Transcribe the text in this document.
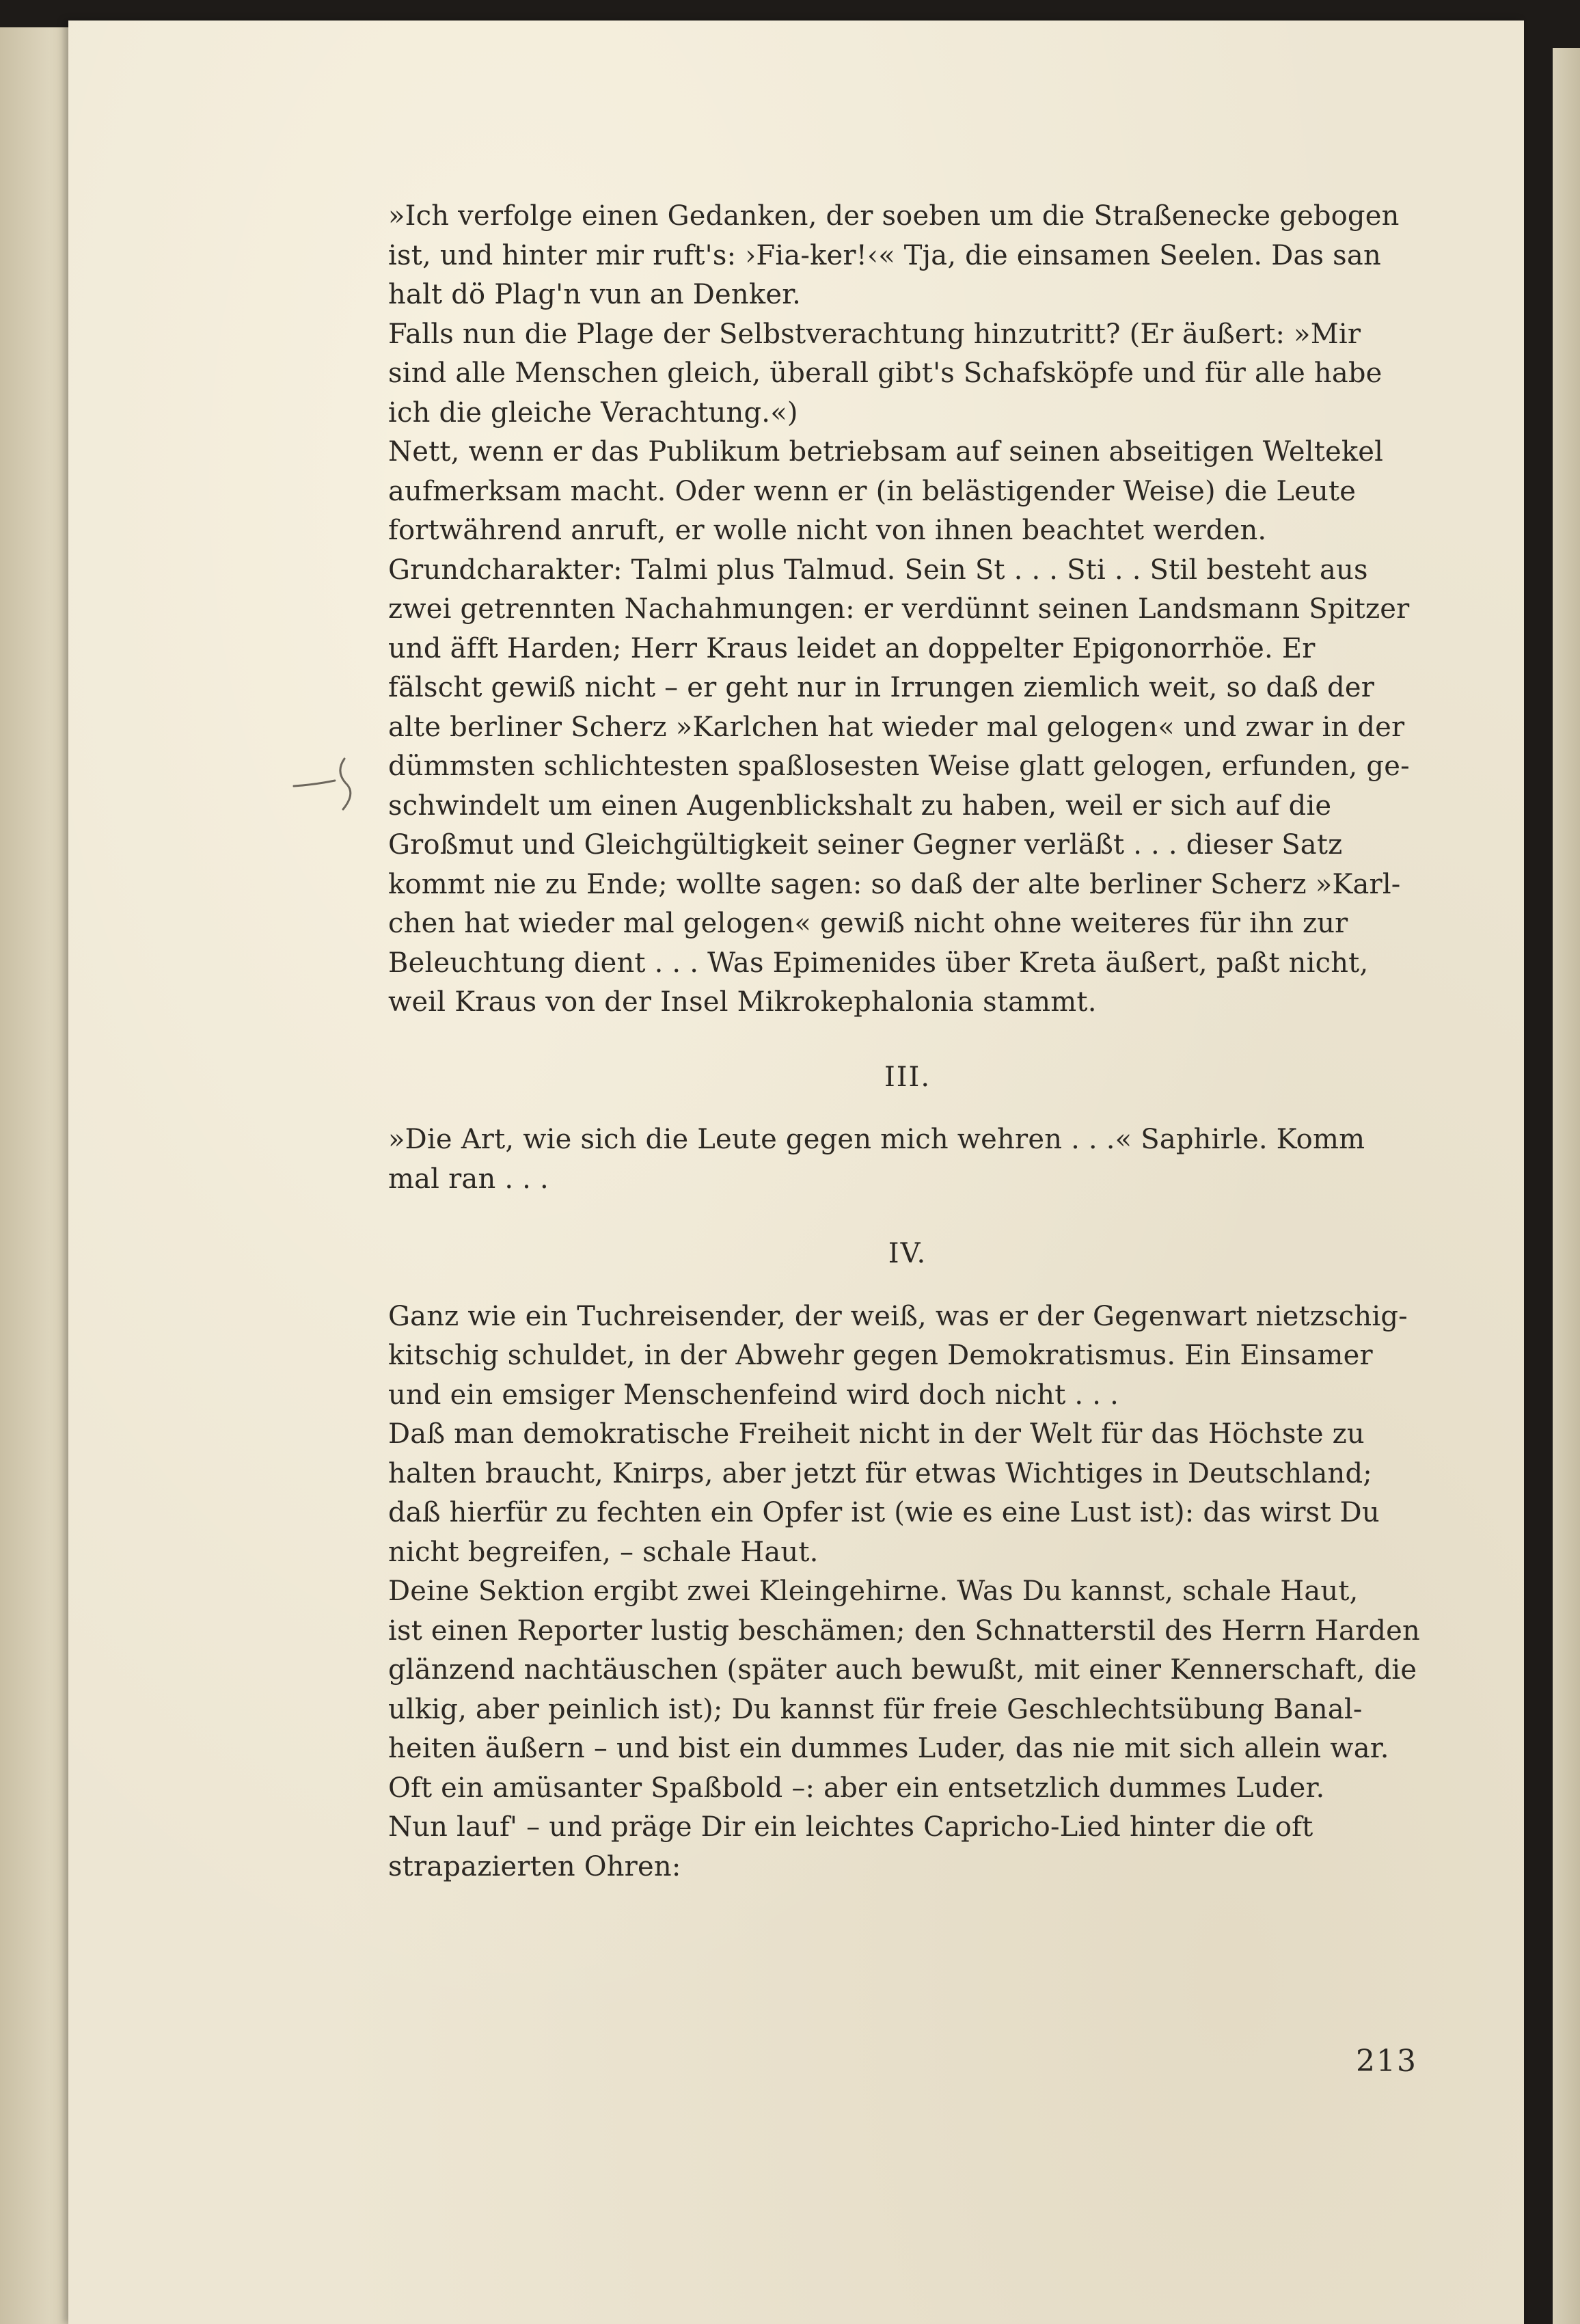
»Ich verfolge einen Gedanken, der soeben um die Straßenecke gebogen
ist, und hinter mir ruft's: ›Fia-ker!‹« Tja, die einsamen Seelen. Das san
halt dö Plag'n vun an Denker.

Falls nun die Plage der Selbstverachtung hinzutritt? (Er äußert: »Mir
sind alle Menschen gleich, überall gibt's Schafsköpfe und für alle habe
ich die gleiche Verachtung.«)

Nett, wenn er das Publikum betriebsam auf seinen abseitigen Weltekel
aufmerksam macht. Oder wenn er (in belästigender Weise) die Leute
fortwährend anruft, er wolle nicht von ihnen beachtet werden.

Grundcharakter: Talmi plus Talmud. Sein St . . . Sti . . Stil besteht aus
zwei getrennten Nachahmungen: er verdünnt seinen Landsmann Spitzer
und äfft Harden; Herr Kraus leidet an doppelter Epigonorrhöe. Er
fälscht gewiß nicht – er geht nur in Irrungen ziemlich weit, so daß der
alte berliner Scherz »Karlchen hat wieder mal gelogen« und zwar in der
dümmsten schlichtesten spaßlosesten Weise glatt gelogen, erfunden, ge-
schwindelt um einen Augenblickshalt zu haben, weil er sich auf die
Großmut und Gleichgültigkeit seiner Gegner verläßt . . . dieser Satz
kommt nie zu Ende; wollte sagen: so daß der alte berliner Scherz »Karl-
chen hat wieder mal gelogen« gewiß nicht ohne weiteres für ihn zur
Beleuchtung dient . . . Was Epimenides über Kreta äußert, paßt nicht,
weil Kraus von der Insel Mikrokephalonia stammt.

III.

»Die Art, wie sich die Leute gegen mich wehren . . .« Saphirle. Komm
mal ran . . .

IV.

Ganz wie ein Tuchreisender, der weiß, was er der Gegenwart nietzschig-
kitschig schuldet, in der Abwehr gegen Demokratismus. Ein Einsamer
und ein emsiger Menschenfeind wird doch nicht . . .

Daß man demokratische Freiheit nicht in der Welt für das Höchste zu
halten braucht, Knirps, aber jetzt für etwas Wichtiges in Deutschland;
daß hierfür zu fechten ein Opfer ist (wie es eine Lust ist): das wirst Du
nicht begreifen, – schale Haut.

Deine Sektion ergibt zwei Kleingehirne. Was Du kannst, schale Haut,
ist einen Reporter lustig beschämen; den Schnatterstil des Herrn Harden
glänzend nachtäuschen (später auch bewußt, mit einer Kennerschaft, die
ulkig, aber peinlich ist); Du kannst für freie Geschlechtsübung Banal-
heiten äußern – und bist ein dummes Luder, das nie mit sich allein war.
Oft ein amüsanter Spaßbold –: aber ein entsetzlich dummes Luder.

Nun lauf' – und präge Dir ein leichtes Capricho-Lied hinter die oft
strapazierten Ohren:

213
